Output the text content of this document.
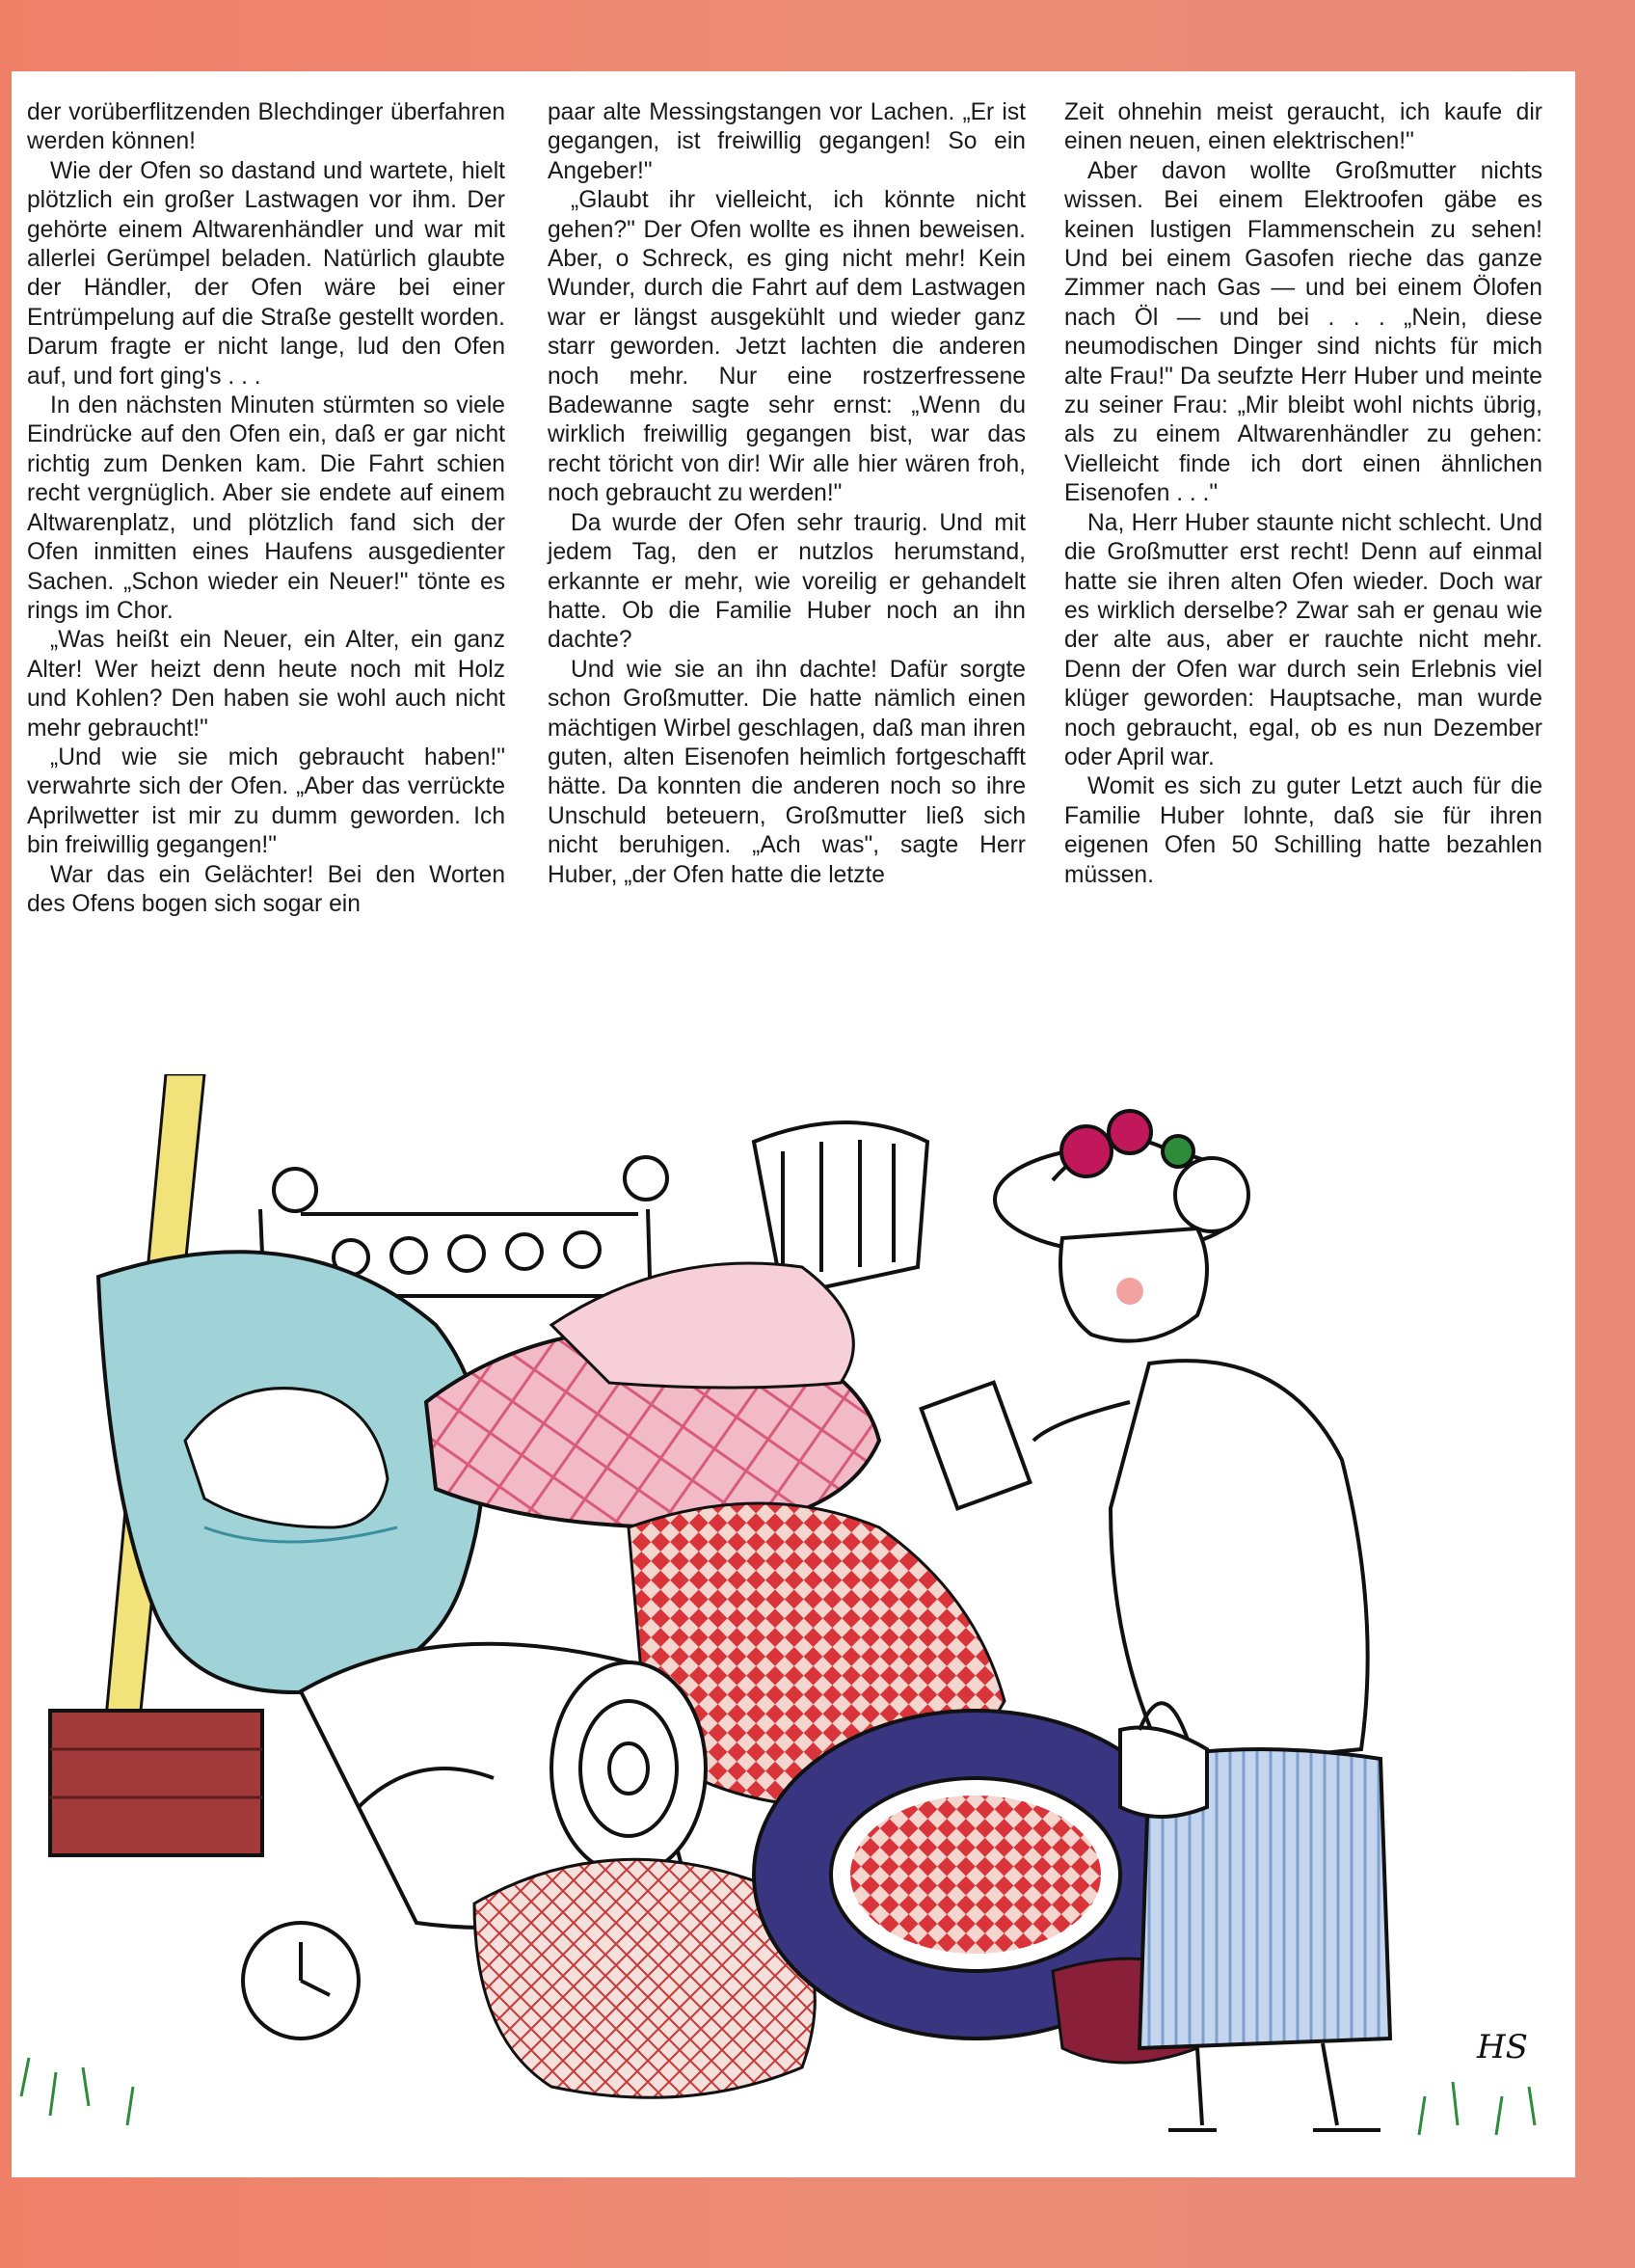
der vorüberflitzenden Blechdinger überfahren werden können!

Wie der Ofen so dastand und wartete, hielt plötzlich ein großer Lastwagen vor ihm. Der gehörte einem Altwarenhändler und war mit allerlei Gerümpel beladen. Natürlich glaubte der Händler, der Ofen wäre bei einer Entrümpelung auf die Straße gestellt worden. Darum fragte er nicht lange, lud den Ofen auf, und fort ging's . . .

In den nächsten Minuten stürmten so viele Eindrücke auf den Ofen ein, daß er gar nicht richtig zum Denken kam. Die Fahrt schien recht vergnüglich. Aber sie endete auf einem Altwarenplatz, und plötzlich fand sich der Ofen inmitten eines Haufens ausgedienter Sachen. „Schon wieder ein Neuer!" tönte es rings im Chor.

„Was heißt ein Neuer, ein Alter, ein ganz Alter! Wer heizt denn heute noch mit Holz und Kohlen? Den haben sie wohl auch nicht mehr gebraucht!"

„Und wie sie mich gebraucht haben!" verwahrte sich der Ofen. „Aber das verrückte Aprilwetter ist mir zu dumm geworden. Ich bin freiwillig gegangen!"

War das ein Gelächter! Bei den Worten des Ofens bogen sich sogar ein

paar alte Messingstangen vor Lachen. „Er ist gegangen, ist freiwillig gegangen! So ein Angeber!"

„Glaubt ihr vielleicht, ich könnte nicht gehen?" Der Ofen wollte es ihnen beweisen. Aber, o Schreck, es ging nicht mehr! Kein Wunder, durch die Fahrt auf dem Lastwagen war er längst ausgekühlt und wieder ganz starr geworden. Jetzt lachten die anderen noch mehr. Nur eine rostzerfressene Badewanne sagte sehr ernst: „Wenn du wirklich freiwillig gegangen bist, war das recht töricht von dir! Wir alle hier wären froh, noch gebraucht zu werden!"

Da wurde der Ofen sehr traurig. Und mit jedem Tag, den er nutzlos herumstand, erkannte er mehr, wie voreilig er gehandelt hatte. Ob die Familie Huber noch an ihn dachte?

Und wie sie an ihn dachte! Dafür sorgte schon Großmutter. Die hatte nämlich einen mächtigen Wirbel geschlagen, daß man ihren guten, alten Eisenofen heimlich fortgeschafft hätte. Da konnten die anderen noch so ihre Unschuld beteuern, Großmutter ließ sich nicht beruhigen. „Ach was", sagte Herr Huber, „der Ofen hatte die letzte

Zeit ohnehin meist geraucht, ich kaufe dir einen neuen, einen elektrischen!"

Aber davon wollte Großmutter nichts wissen. Bei einem Elektroofen gäbe es keinen lustigen Flammenschein zu sehen! Und bei einem Gasofen rieche das ganze Zimmer nach Gas — und bei einem Ölofen nach Öl — und bei . . . „Nein, diese neumodischen Dinger sind nichts für mich alte Frau!" Da seufzte Herr Huber und meinte zu seiner Frau: „Mir bleibt wohl nichts übrig, als zu einem Altwarenhändler zu gehen: Vielleicht finde ich dort einen ähnlichen Eisenofen . . ."

Na, Herr Huber staunte nicht schlecht. Und die Großmutter erst recht! Denn auf einmal hatte sie ihren alten Ofen wieder. Doch war es wirklich derselbe? Zwar sah er genau wie der alte aus, aber er rauchte nicht mehr. Denn der Ofen war durch sein Erlebnis viel klüger geworden: Hauptsache, man wurde noch gebraucht, egal, ob es nun Dezember oder April war.

Womit es sich zu guter Letzt auch für die Familie Huber lohnte, daß sie für ihren eigenen Ofen 50 Schilling hatte bezahlen müssen.

HS
